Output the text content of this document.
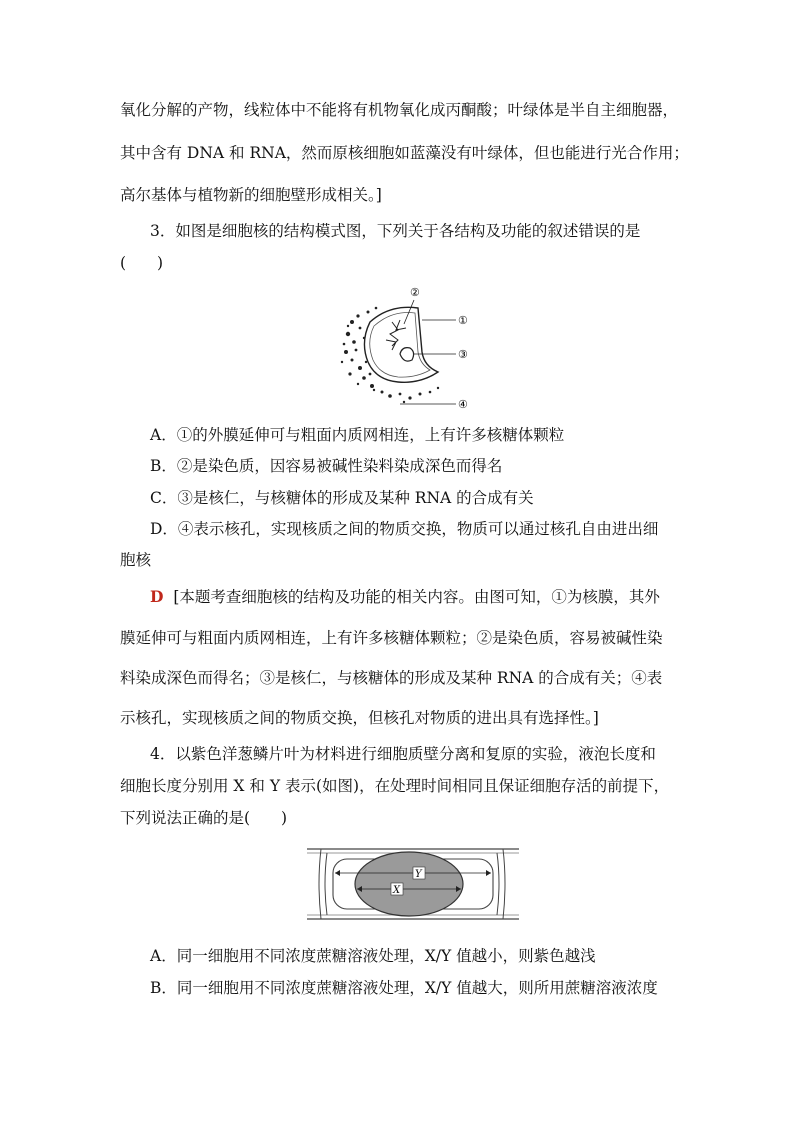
氧化分解的产物，线粒体中不能将有机物氧化成丙酮酸；叶绿体是半自主细胞器，
其中含有 DNA 和 RNA，然而原核细胞如蓝藻没有叶绿体，但也能进行光合作用；
高尔基体与植物新的细胞壁形成相关。]
3．如图是细胞核的结构模式图，下列关于各结构及功能的叙述错误的是
(　　)
②
①
③
④
A．①的外膜延伸可与粗面内质网相连，上有许多核糖体颗粒
B．②是染色质，因容易被碱性染料染成深色而得名
C．③是核仁，与核糖体的形成及某种 RNA 的合成有关
D．④表示核孔，实现核质之间的物质交换，物质可以通过核孔自由进出细
胞核
D [本题考查细胞核的结构及功能的相关内容。由图可知，①为核膜，其外
膜延伸可与粗面内质网相连，上有许多核糖体颗粒；②是染色质，容易被碱性染
料染成深色而得名；③是核仁，与核糖体的形成及某种 RNA 的合成有关；④表
示核孔，实现核质之间的物质交换，但核孔对物质的进出具有选择性。]
4．以紫色洋葱鳞片叶为材料进行细胞质壁分离和复原的实验，液泡长度和
细胞长度分别用 X 和 Y 表示(如图)，在处理时间相同且保证细胞存活的前提下，
下列说法正确的是(　　)
Y
X
A．同一细胞用不同浓度蔗糖溶液处理，X/Y 值越小，则紫色越浅
B．同一细胞用不同浓度蔗糖溶液处理，X/Y 值越大，则所用蔗糖溶液浓度
